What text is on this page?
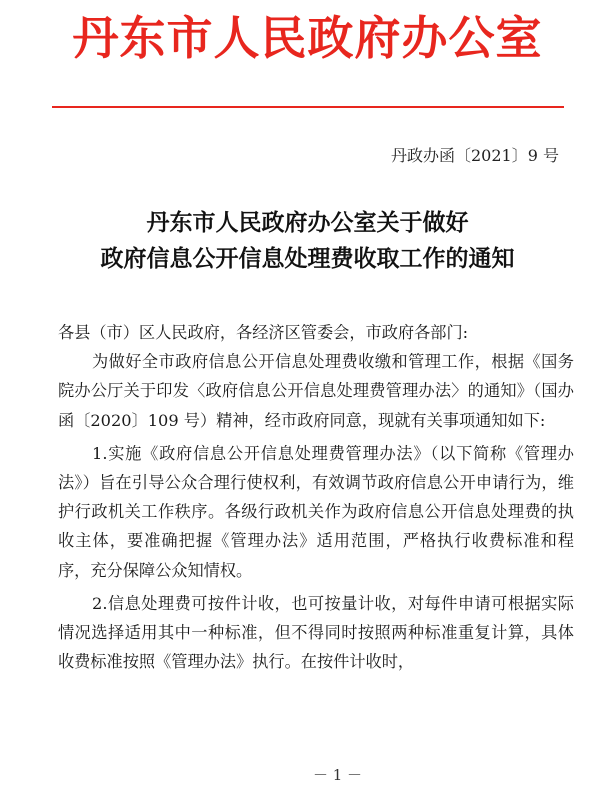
丹东市人民政府办公室
丹政办函〔2021〕9 号
丹东市人民政府办公室关于做好
政府信息公开信息处理费收取工作的通知

各县（市）区人民政府，各经济区管委会，市政府各部门:

为做好全市政府信息公开信息处理费收缴和管理工作，根据《国务院办公厅关于印发〈政府信息公开信息处理费管理办法〉的通知》（国办函〔2020〕109 号）精神，经市政府同意，现就有关事项通知如下:

1.实施《政府信息公开信息处理费管理办法》（以下简称《管理办法》）旨在引导公众合理行使权利，有效调节政府信息公开申请行为，维护行政机关工作秩序。各级行政机关作为政府信息公开信息处理费的执收主体，要准确把握《管理办法》适用范围，严格执行收费标准和程序，充分保障公众知情权。

2.信息处理费可按件计收，也可按量计收，对每件申请可根据实际情况选择适用其中一种标准，但不得同时按照两种标准重复计算，具体收费标准按照《管理办法》执行。在按件计收时，

－ 1 －
